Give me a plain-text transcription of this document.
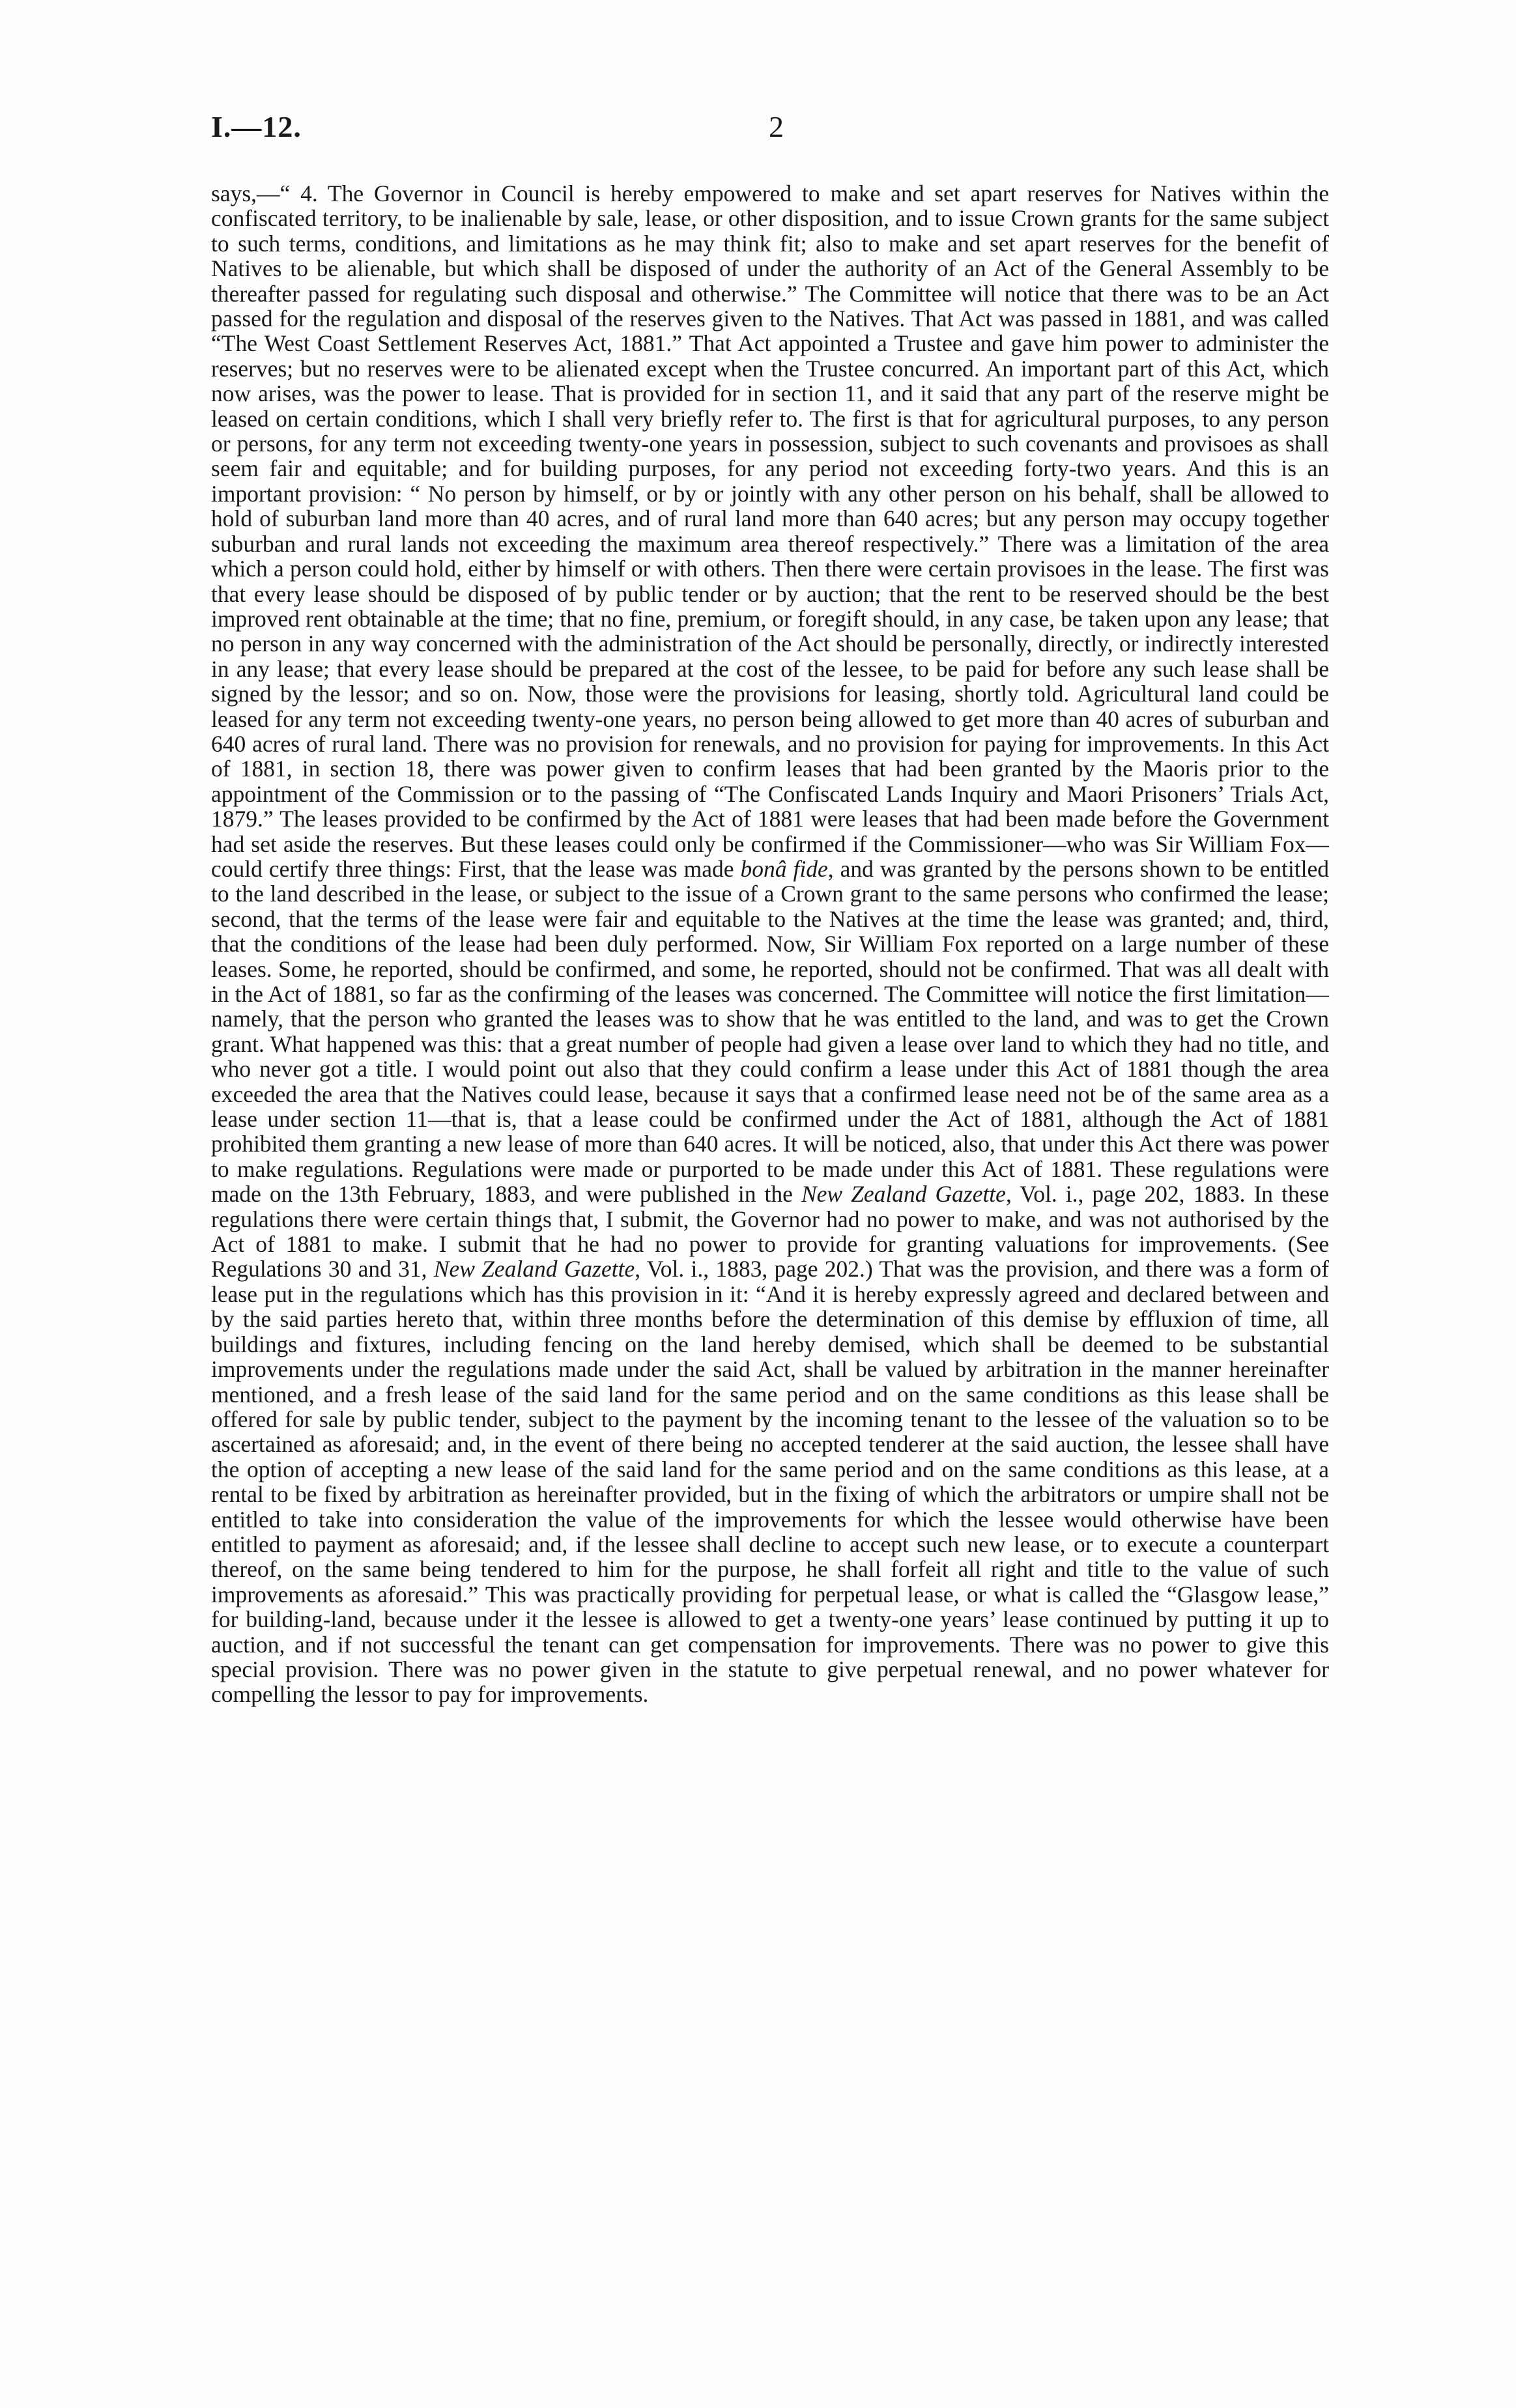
I.—12.	2

says,—“ 4. The Governor in Council is hereby empowered to make and set apart reserves for Natives within the confiscated territory, to be inalienable by sale, lease, or other disposition, and to issue Crown grants for the same subject to such terms, conditions, and limitations as he may think fit; also to make and set apart reserves for the benefit of Natives to be alienable, but which shall be disposed of under the authority of an Act of the General Assembly to be thereafter passed for regulating such disposal and otherwise.” The Committee will notice that there was to be an Act passed for the regulation and disposal of the reserves given to the Natives. That Act was passed in 1881, and was called “The West Coast Settlement Reserves Act, 1881.” That Act appointed a Trustee and gave him power to administer the reserves; but no reserves were to be alienated except when the Trustee concurred. An important part of this Act, which now arises, was the power to lease. That is provided for in section 11, and it said that any part of the reserve might be leased on certain conditions, which I shall very briefly refer to. The first is that for agricultural purposes, to any person or persons, for any term not exceeding twenty-one years in possession, subject to such covenants and provisoes as shall seem fair and equitable; and for building purposes, for any period not exceeding forty-two years. And this is an important provision: “ No person by himself, or by or jointly with any other person on his behalf, shall be allowed to hold of suburban land more than 40 acres, and of rural land more than 640 acres; but any person may occupy together suburban and rural lands not exceeding the maximum area thereof respectively.” There was a limitation of the area which a person could hold, either by himself or with others. Then there were certain provisoes in the lease. The first was that every lease should be disposed of by public tender or by auction; that the rent to be reserved should be the best improved rent obtainable at the time; that no fine, premium, or foregift should, in any case, be taken upon any lease; that no person in any way concerned with the administration of the Act should be personally, directly, or indirectly interested in any lease; that every lease should be prepared at the cost of the lessee, to be paid for before any such lease shall be signed by the lessor; and so on. Now, those were the provisions for leasing, shortly told. Agricultural land could be leased for any term not exceeding twenty-one years, no person being allowed to get more than 40 acres of suburban and 640 acres of rural land. There was no provision for renewals, and no provision for paying for improvements. In this Act of 1881, in section 18, there was power given to confirm leases that had been granted by the Maoris prior to the appointment of the Commission or to the passing of “The Confiscated Lands Inquiry and Maori Prisoners’ Trials Act, 1879.” The leases provided to be confirmed by the Act of 1881 were leases that had been made before the Government had set aside the reserves. But these leases could only be confirmed if the Commissioner—who was Sir William Fox—could certify three things: First, that the lease was made bonâ fide, and was granted by the persons shown to be entitled to the land described in the lease, or subject to the issue of a Crown grant to the same persons who confirmed the lease; second, that the terms of the lease were fair and equitable to the Natives at the time the lease was granted; and, third, that the conditions of the lease had been duly performed. Now, Sir William Fox reported on a large number of these leases. Some, he reported, should be confirmed, and some, he reported, should not be confirmed. That was all dealt with in the Act of 1881, so far as the confirming of the leases was concerned. The Committee will notice the first limitation—namely, that the person who granted the leases was to show that he was entitled to the land, and was to get the Crown grant. What happened was this: that a great number of people had given a lease over land to which they had no title, and who never got a title. I would point out also that they could confirm a lease under this Act of 1881 though the area exceeded the area that the Natives could lease, because it says that a confirmed lease need not be of the same area as a lease under section 11—that is, that a lease could be confirmed under the Act of 1881, although the Act of 1881 prohibited them granting a new lease of more than 640 acres. It will be noticed, also, that under this Act there was power to make regulations. Regulations were made or purported to be made under this Act of 1881. These regulations were made on the 13th February, 1883, and were published in the New Zealand Gazette, Vol. i., page 202, 1883. In these regulations there were certain things that, I submit, the Governor had no power to make, and was not authorised by the Act of 1881 to make. I submit that he had no power to provide for granting valuations for improvements. (See Regulations 30 and 31, New Zealand Gazette, Vol. i., 1883, page 202.) That was the provision, and there was a form of lease put in the regulations which has this provision in it: “And it is hereby expressly agreed and declared between and by the said parties hereto that, within three months before the determination of this demise by effluxion of time, all buildings and fixtures, including fencing on the land hereby demised, which shall be deemed to be substantial improvements under the regulations made under the said Act, shall be valued by arbitration in the manner hereinafter mentioned, and a fresh lease of the said land for the same period and on the same conditions as this lease shall be offered for sale by public tender, subject to the payment by the incoming tenant to the lessee of the valuation so to be ascertained as aforesaid; and, in the event of there being no accepted tenderer at the said auction, the lessee shall have the option of accepting a new lease of the said land for the same period and on the same conditions as this lease, at a rental to be fixed by arbitration as hereinafter provided, but in the fixing of which the arbitrators or umpire shall not be entitled to take into consideration the value of the improvements for which the lessee would otherwise have been entitled to payment as aforesaid; and, if the lessee shall decline to accept such new lease, or to execute a counterpart thereof, on the same being tendered to him for the purpose, he shall forfeit all right and title to the value of such improvements as aforesaid.” This was practically providing for perpetual lease, or what is called the “Glasgow lease,” for building-land, because under it the lessee is allowed to get a twenty-one years’ lease continued by putting it up to auction, and if not successful the tenant can get compensation for improvements. There was no power to give this special provision. There was no power given in the statute to give perpetual renewal, and no power whatever for compelling the lessor to pay for improvements.
